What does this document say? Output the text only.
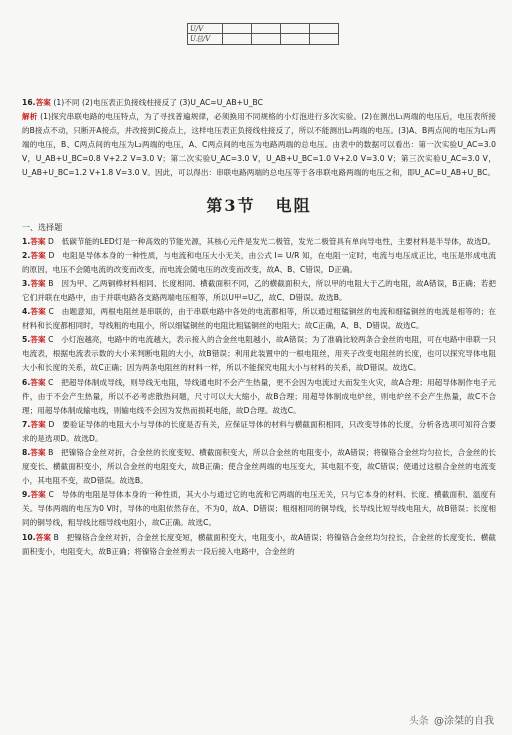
U/V				
U总/V				

16.答案 (1)不同 (2)电压表正负接线柱接反了 (3)U_AC=U_AB+U_BC

解析 (1)探究串联电路的电压特点，为了寻找普遍规律，必须换用不同规格的小灯泡进行多次实验。(2)在测出L₁两端的电压后，电压表所接的B接点不动，只断开A接点，并改接到C接点上，这样电压表正负接线柱接反了，所以不能测出L₂两端的电压。(3)A、B两点间的电压为L₁两端的电压，B、C两点间的电压为L₂两端的电压，A、C两点间的电压为电路两端的总电压。由表中的数据可以看出：第一次实验U_AC=3.0 V，U_AB+U_BC=0.8 V+2.2 V=3.0 V；第二次实验U_AC=3.0 V，U_AB+U_BC=1.0 V+2.0 V=3.0 V；第三次实验U_AC=3.0 V，U_AB+U_BC=1.2 V+1.8 V=3.0 V。因此，可以得出：串联电路两端的总电压等于各串联电路两端的电压之和，即U_AC=U_AB+U_BC。

第3节 电阻

一、选择题

1.答案 D　低碳节能的LED灯是一种高效的节能光源，其核心元件是发光二极管，发光二极管具有单向导电性，主要材料是半导体，故选D。

2.答案 D　电阻是导体本身的一种性质，与电流和电压大小无关，由公式 I= U/R 知，在电阻一定时，电流与电压成正比，电压是形成电流的原因，电压不会随电流的改变而改变，而电流会随电压的改变而改变，故A、B、C错误，D正确。

3.答案 B　因为甲、乙两铜棒材料相同、长度相同、横截面积不同，乙的横截面积大，所以甲的电阻大于乙的电阻，故A错误，B正确；若把它们并联在电路中，由于并联电路各支路两端电压相等，所以U甲=U乙，故C、D错误。故选B。

4.答案 C　由题意知，两根电阻丝是串联的，由于串联电路中各处的电流都相等，所以通过粗锰铜丝的电流和细锰铜丝的电流是相等的；在材料和长度都相同时，导线粗的电阻小，所以细锰铜丝的电阻比粗锰铜丝的电阻大；故C正确，A、B、D错误。故选C。

5.答案 C　小灯泡越亮，电路中的电流越大，表示接入的合金丝电阻越小，故A错误；为了准确比较两条合金丝的电阻，可在电路中串联一只电流表，根据电流表示数的大小来判断电阻的大小，故B错误；利用此装置中的一根电阻丝，用夹子改变电阻丝的长度，也可以探究导体电阻大小和长度的关系，故C正确；因为两条电阻丝的材料一样，所以不能探究电阻大小与材料的关系，故D错误。故选C。

6.答案 C　把超导体制成导线，则导线无电阻，导线通电时不会产生热量，更不会因为电流过大而发生火灾，故A合理；用超导体制作电子元件，由于不会产生热量，所以不必考虑散热问题，尺寸可以大大缩小，故B合理；用超导体制成电炉丝，则电炉丝不会产生热量，故C不合理；用超导体制成输电线，则输电线不会因为发热而损耗电能，故D合理。故选C。

7.答案 D　要验证导体的电阻大小与导体的长度是否有关，应保证导体的材料与横截面积相同，只改变导体的长度，分析各选项可知符合要求的是选项D。故选D。

8.答案 B　把镍铬合金丝对折，合金丝的长度变短、横截面积变大，所以合金丝的电阻变小，故A错误；将镍铬合金丝均匀拉长，合金丝的长度变长、横截面积变小，所以合金丝的电阻变大，故B正确；使合金丝两端的电压变大，其电阻不变，故C错误；使通过这根合金丝的电流变小，其电阻不变，故D错误。故选B。

9.答案 C　导体的电阻是导体本身的一种性质，其大小与通过它的电流和它两端的电压无关，只与它本身的材料、长度、横截面积、温度有关。导体两端的电压为0 V时，导体的电阻依然存在，不为0，故A、D错误；粗细相同的铜导线，长导线比短导线电阻大，故B错误；长度相同的铜导线，粗导线比细导线电阻小，故C正确。故选C。

10.答案 B　把镍铬合金丝对折，合金丝长度变短，横截面积变大，电阻变小，故A错误；将镍铬合金丝均匀拉长，合金丝的长度变长、横截面积变小，电阻变大，故B正确；将镍铬合金丝剪去一段后接入电路中，合金丝的

头条 @涂桀的自我
